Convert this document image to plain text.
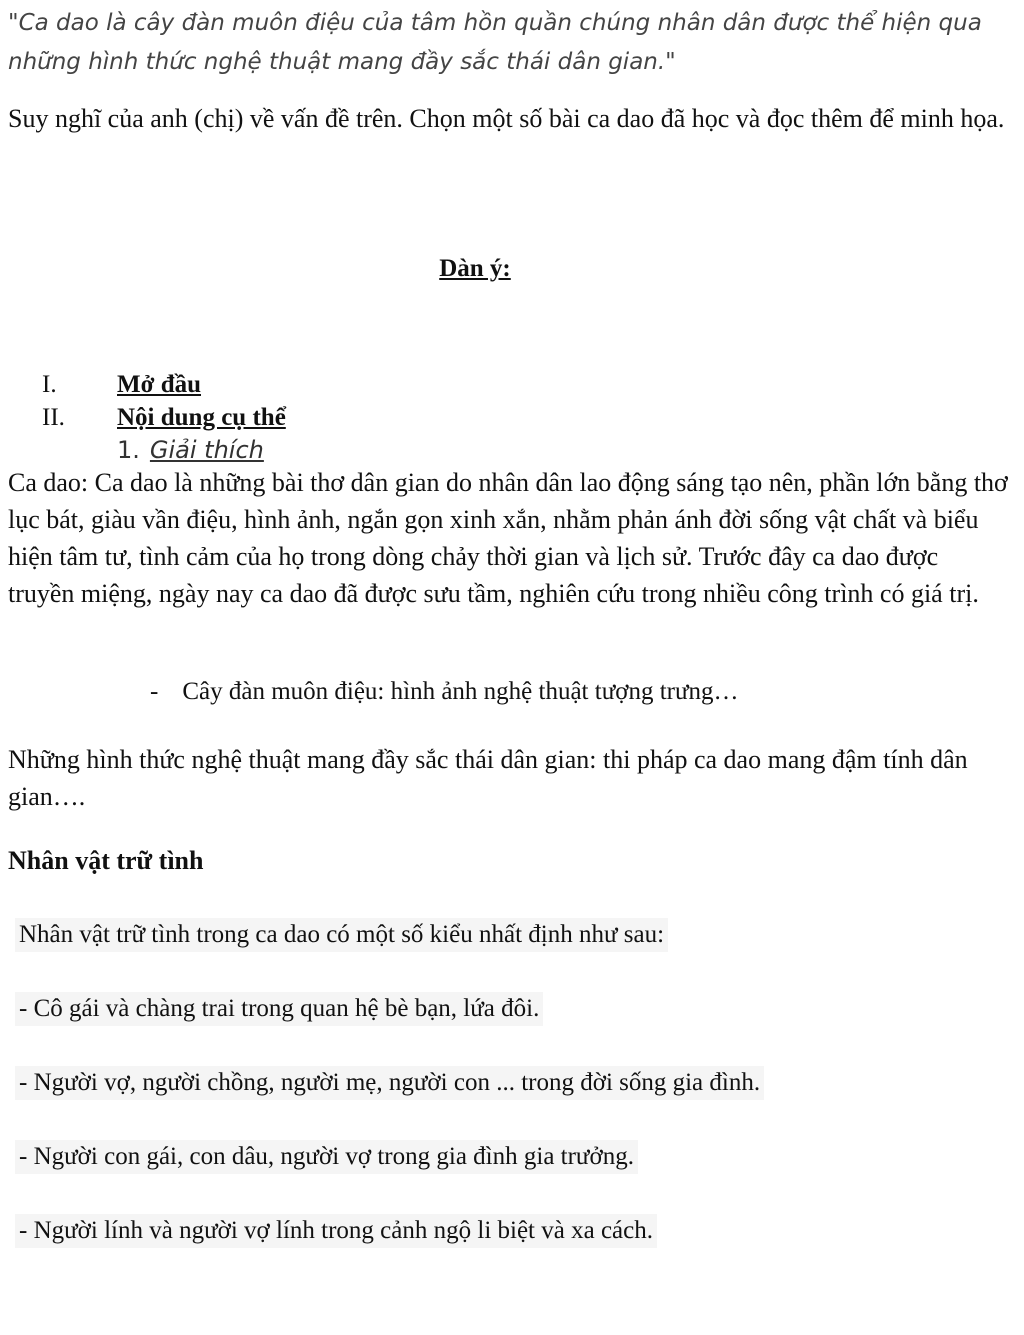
"Ca dao là cây đàn muôn điệu của tâm hồn quần chúng nhân dân được thể hiện qua những hình thức nghệ thuật mang đầy sắc thái dân gian."
Suy nghĩ của anh (chị) về vấn đề trên. Chọn một số bài ca dao đã học và đọc thêm để minh họa.
Dàn ý:
I. Mở đầu
II. Nội dung cụ thể
1. Giải thích
Ca dao: Ca dao là những bài thơ dân gian do nhân dân lao động sáng tạo nên, phần lớn bằng thơ lục bát, giàu vần điệu, hình ảnh, ngắn gọn xinh xắn, nhằm phản ánh đời sống vật chất và biểu hiện tâm tư, tình cảm của họ trong dòng chảy thời gian và lịch sử. Trước đây ca dao được truyền miệng, ngày nay ca dao đã được sưu tầm, nghiên cứu trong nhiều công trình có giá trị.
- Cây đàn muôn điệu: hình ảnh nghệ thuật tượng trưng…
Những hình thức nghệ thuật mang đầy sắc thái dân gian: thi pháp ca dao mang đậm tính dân gian….
Nhân vật trữ tình
Nhân vật trữ tình trong ca dao có một số kiểu nhất định như sau:
- Cô gái và chàng trai trong quan hệ bè bạn, lứa đôi.
- Người vợ, người chồng, người mẹ, người con ... trong đời sống gia đình.
- Người con gái, con dâu, người vợ trong gia đình gia trưởng.
- Người lính và người vợ lính trong cảnh ngộ li biệt và xa cách.
